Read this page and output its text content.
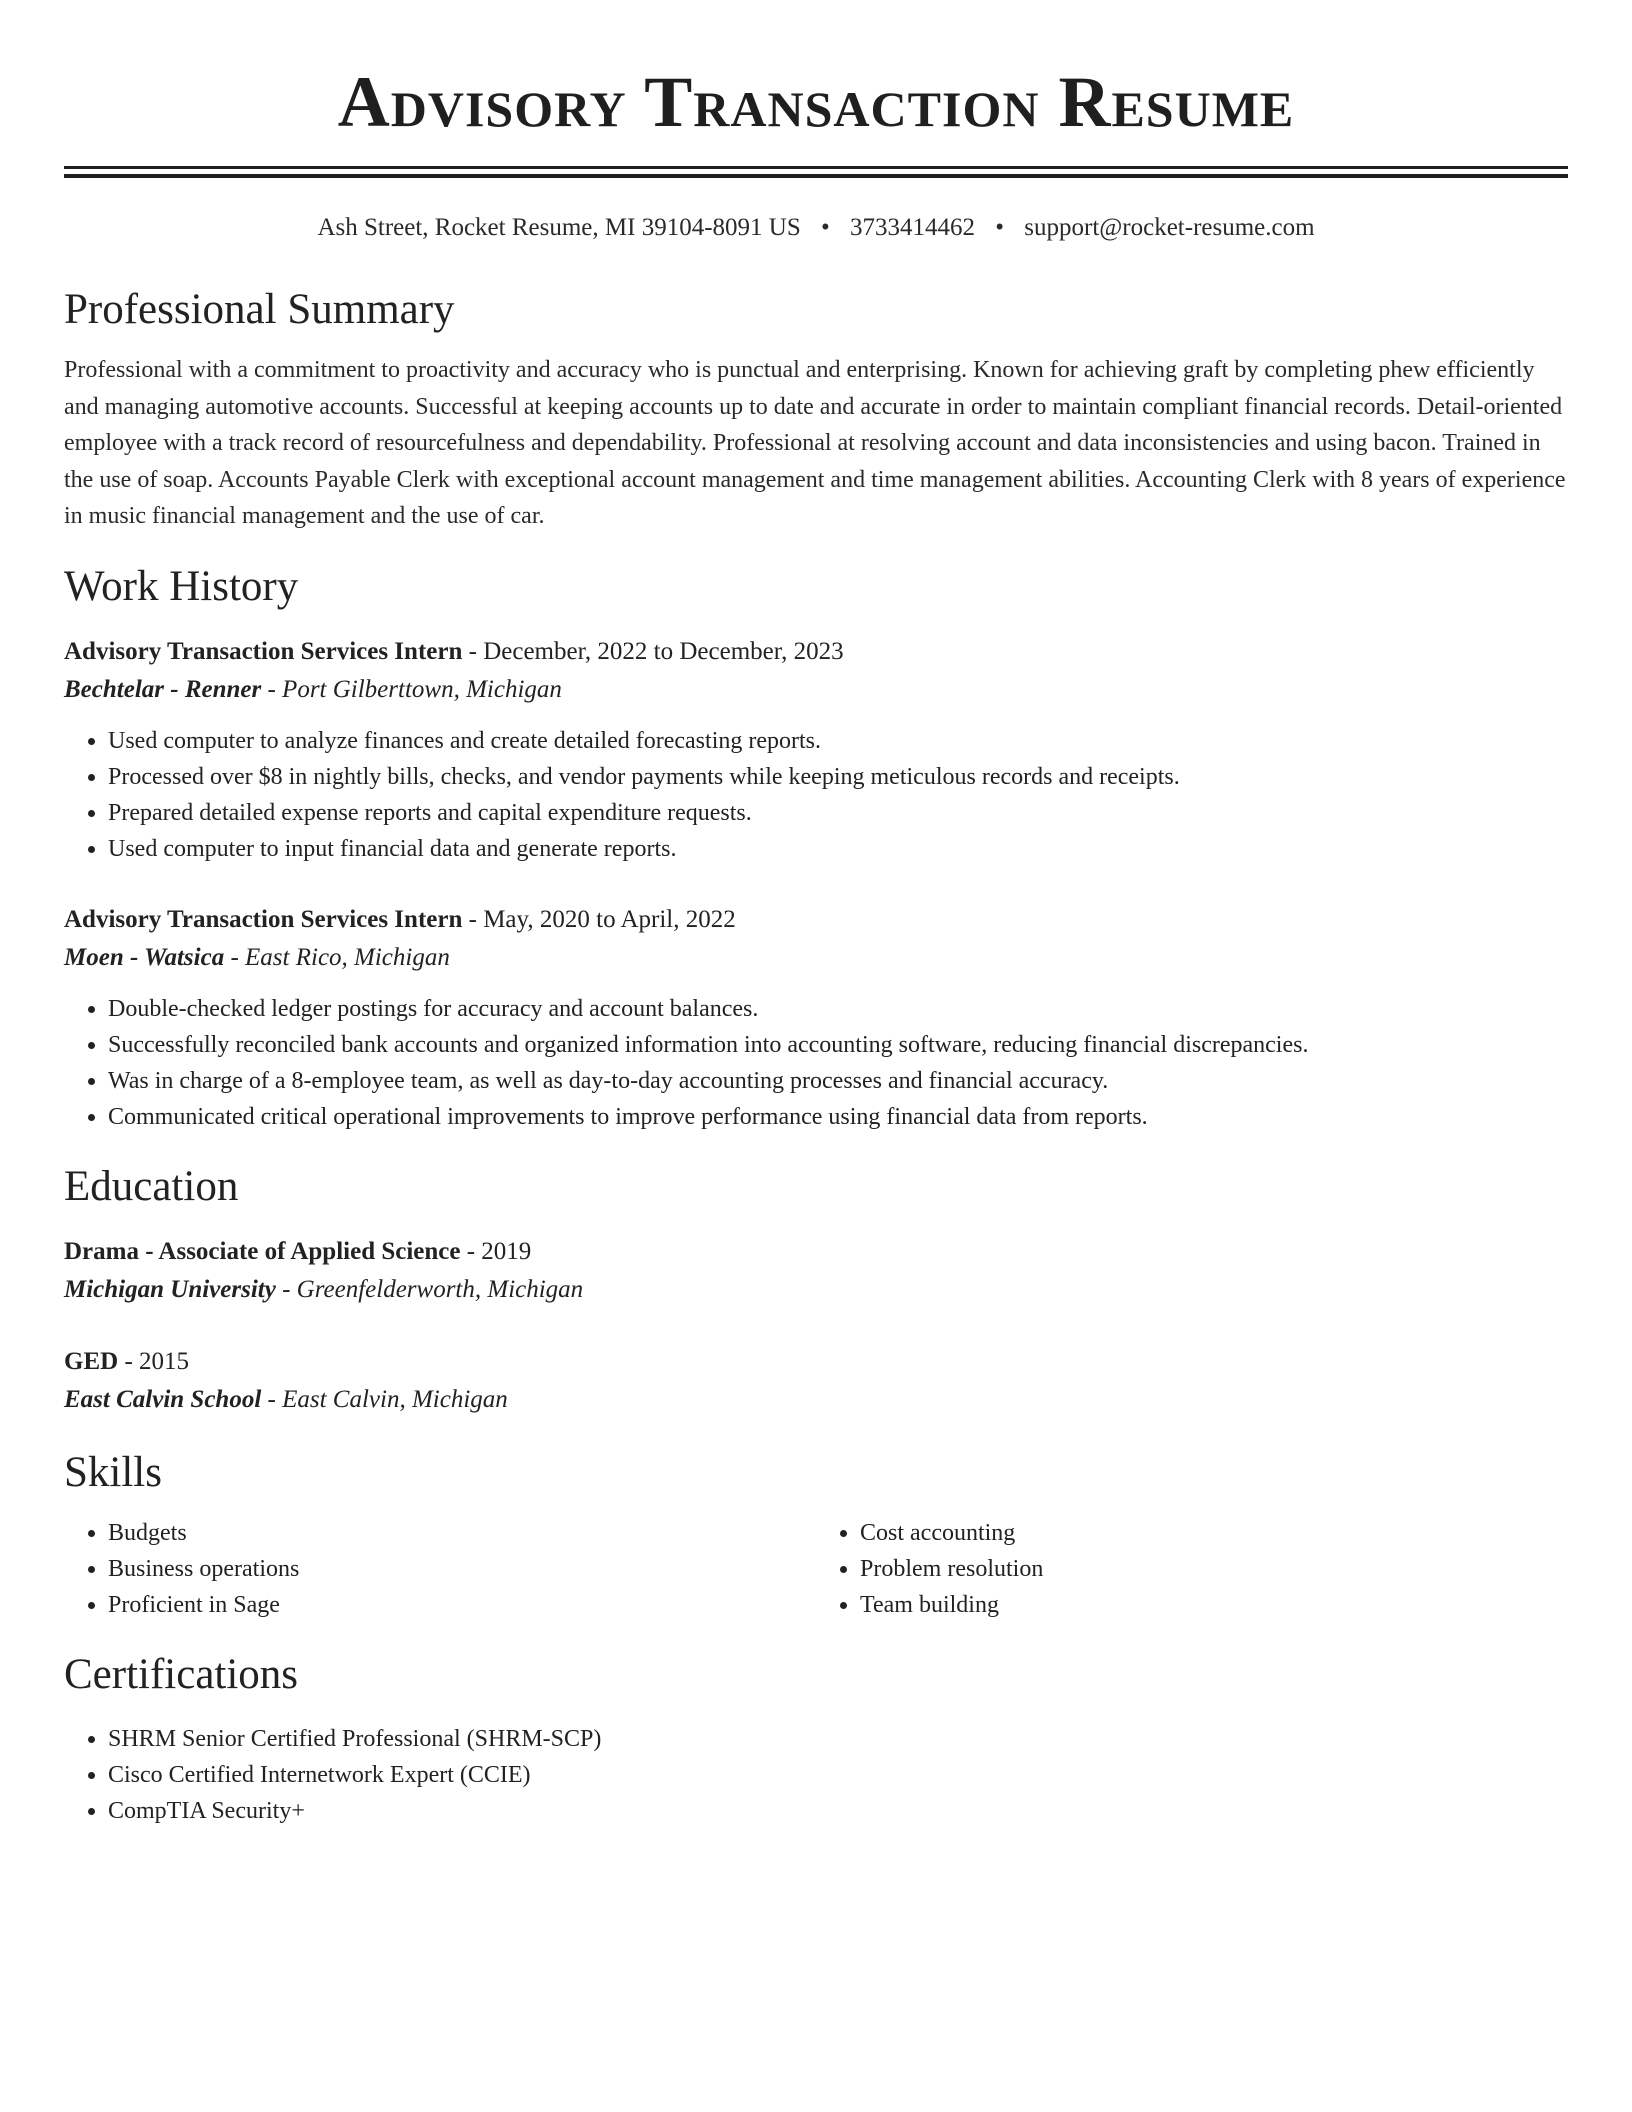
Advisory Transaction Resume
Ash Street, Rocket Resume, MI 39104-8091 US • 3733414462 • support@rocket-resume.com
Professional Summary
Professional with a commitment to proactivity and accuracy who is punctual and enterprising. Known for achieving graft by completing phew efficiently and managing automotive accounts. Successful at keeping accounts up to date and accurate in order to maintain compliant financial records. Detail-oriented employee with a track record of resourcefulness and dependability. Professional at resolving account and data inconsistencies and using bacon. Trained in the use of soap. Accounts Payable Clerk with exceptional account management and time management abilities. Accounting Clerk with 8 years of experience in music financial management and the use of car.
Work History
Advisory Transaction Services Intern - December, 2022 to December, 2023
Bechtelar - Renner - Port Gilberttown, Michigan
• Used computer to analyze finances and create detailed forecasting reports.
• Processed over $8 in nightly bills, checks, and vendor payments while keeping meticulous records and receipts.
• Prepared detailed expense reports and capital expenditure requests.
• Used computer to input financial data and generate reports.
Advisory Transaction Services Intern - May, 2020 to April, 2022
Moen - Watsica - East Rico, Michigan
• Double-checked ledger postings for accuracy and account balances.
• Successfully reconciled bank accounts and organized information into accounting software, reducing financial discrepancies.
• Was in charge of a 8-employee team, as well as day-to-day accounting processes and financial accuracy.
• Communicated critical operational improvements to improve performance using financial data from reports.
Education
Drama - Associate of Applied Science - 2019
Michigan University - Greenfelderworth, Michigan
GED - 2015
East Calvin School - East Calvin, Michigan
Skills
• Budgets
• Business operations
• Proficient in Sage
• Cost accounting
• Problem resolution
• Team building
Certifications
• SHRM Senior Certified Professional (SHRM-SCP)
• Cisco Certified Internetwork Expert (CCIE)
• CompTIA Security+
